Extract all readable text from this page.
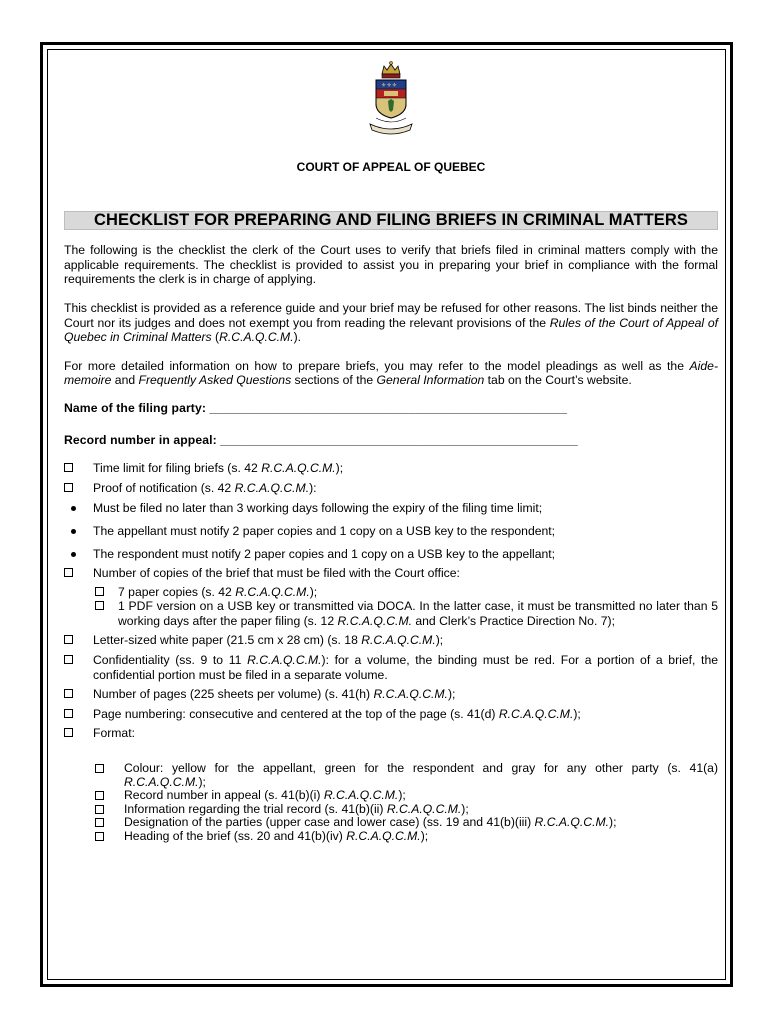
⚜⚜⚜
COURT OF APPEAL OF QUEBEC
CHECKLIST FOR PREPARING AND FILING BRIEFS IN CRIMINAL MATTERS

The following is the checklist the clerk of the Court uses to verify that briefs filed in criminal matters comply with the applicable requirements. The checklist is provided to assist you in preparing your brief in compliance with the formal requirements the clerk is in charge of applying.

This checklist is provided as a reference guide and your brief may be refused for other reasons. The list binds neither the Court nor its judges and does not exempt you from reading the relevant provisions of the Rules of the Court of Appeal of Quebec in Criminal Matters (R.C.A.Q.C.M.).

For more detailed information on how to prepare briefs, you may refer to the model pleadings as well as the Aide-memoire and Frequently Asked Questions sections of the General Information tab on the Court’s website.

Name of the filing party: ____________________________________________________
Record number in appeal: ____________________________________________________
Time limit for filing briefs (s. 42 R.C.A.Q.C.M.);
Proof of notification (s. 42 R.C.A.Q.C.M.):
Must be filed no later than 3 working days following the expiry of the filing time limit;
The appellant must notify 2 paper copies and 1 copy on a USB key to the respondent;
The respondent must notify 2 paper copies and 1 copy on a USB key to the appellant;
Number of copies of the brief that must be filed with the Court office:
7 paper copies (s. 42 R.C.A.Q.C.M.);
1 PDF version on a USB key or transmitted via DOCA. In the latter case, it must be transmitted no later than 5 working days after the paper filing (s. 12 R.C.A.Q.C.M. and Clerk’s Practice Direction No. 7);
Letter-sized white paper (21.5 cm x 28 cm) (s. 18 R.C.A.Q.C.M.);
Confidentiality (ss. 9 to 11 R.C.A.Q.C.M.): for a volume, the binding must be red. For a portion of a brief, the confidential portion must be filed in a separate volume.
Number of pages (225 sheets per volume) (s. 41(h) R.C.A.Q.C.M.);
Page numbering: consecutive and centered at the top of the page (s. 41(d) R.C.A.Q.C.M.);
Format:
Colour: yellow for the appellant, green for the respondent and gray for any other party (s. 41(a) R.C.A.Q.C.M.);
Record number in appeal (s. 41(b)(i) R.C.A.Q.C.M.);
Information regarding the trial record (s. 41(b)(ii) R.C.A.Q.C.M.);
Designation of the parties (upper case and lower case) (ss. 19 and 41(b)(iii) R.C.A.Q.C.M.);
Heading of the brief (ss. 20 and 41(b)(iv) R.C.A.Q.C.M.);
